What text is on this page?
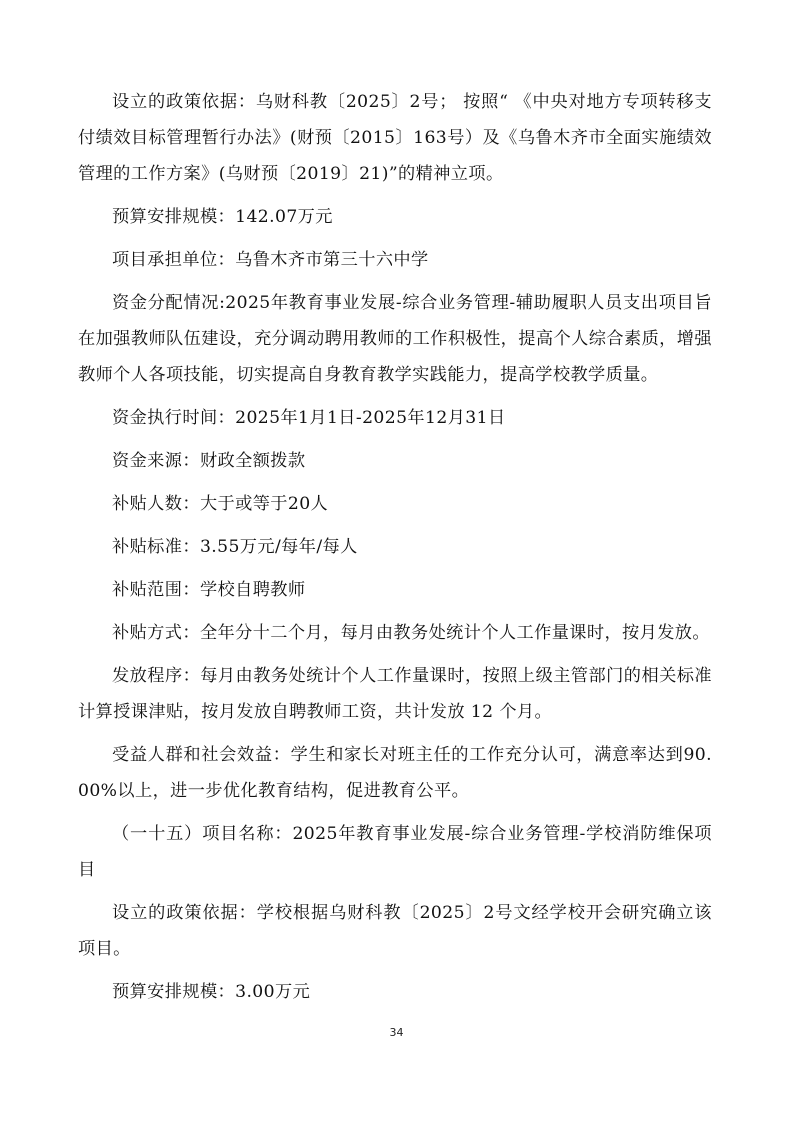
设立的政策依据：乌财科教〔2025〕2号； 按照“ 《中央对地方专项转移支付绩效目标管理暂行办法》(财预〔2015〕163号）及《乌鲁木齐市全面实施绩效管理的工作方案》(乌财预〔2019〕21)”的精神立项。

预算安排规模：142.07万元

项目承担单位：乌鲁木齐市第三十六中学

资金分配情况:2025年教育事业发展-综合业务管理-辅助履职人员支出项目旨在加强教师队伍建设，充分调动聘用教师的工作积极性，提高个人综合素质，增强教师个人各项技能，切实提高自身教育教学实践能力，提高学校教学质量。

资金执行时间：2025年1月1日-2025年12月31日

资金来源：财政全额拨款

补贴人数：大于或等于20人

补贴标准：3.55万元/每年/每人

补贴范围：学校自聘教师

补贴方式：全年分十二个月，每月由教务处统计个人工作量课时，按月发放。

发放程序：每月由教务处统计个人工作量课时，按照上级主管部门的相关标准计算授课津贴，按月发放自聘教师工资，共计发放 12 个月。

受益人群和社会效益：学生和家长对班主任的工作充分认可，满意率达到90.00%以上，进一步优化教育结构，促进教育公平。

（一十五）项目名称：2025年教育事业发展-综合业务管理-学校消防维保项目

设立的政策依据：学校根据乌财科教〔2025〕2号文经学校开会研究确立该项目。

预算安排规模：3.00万元

34
